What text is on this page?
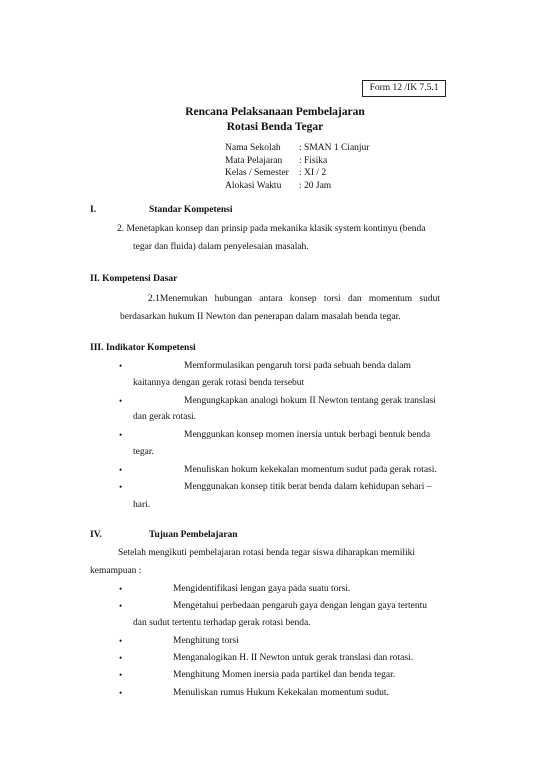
Form 12 /IK 7.5.1
Rencana Pelaksanaan Pembelajaran
Rotasi Benda Tegar
Nama Sekolah	: SMAN 1 Cianjur
Mata Pelajaran	: Fisika
Kelas / Semester	: XI / 2
Alokasi Waktu	: 20 Jam
I.	Standar Kompetensi
2. Menetapkan konsep dan prinsip pada mekanika klasik system kontinyu (benda
tegar dan fluida) dalam penyelesaian masalah.
II. Kompetensi Dasar
2.1Menemukan hubungan antara konsep torsi dan momentum sudut
berdasarkan hukum II Newton dan penerapan dalam masalah benda tegar.
III. Indikator Kompetensi
•	Memformulasikan pengaruh torsi pada sebuah benda dalam
kaitannya dengan gerak rotasi benda tersebut
•	Mengungkapkan analogi hokum II Newton tentang gerak translasi
dan gerak rotasi.
•	Menggunkan konsep momen inersia untuk berbagi bentuk benda
tegar.
•	Menuliskan hokum kekekalan momentum sudut pada gerak rotasi.
•	Menggunakan konsep titik berat benda dalam kehidupan sehari –
hari.
IV.	Tujuan Pembelajaran
Setelah mengikuti pembelajaran rotasi benda tegar siswa diharapkan memiliki
kemampuan :
•	Mengidentifikasi lengan gaya pada suatu torsi.
•	Mengetahui perbedaan pengaruh gaya dengan lengan gaya tertentu
dan sudut tertentu terhadap gerak rotasi benda.
•	Menghitung torsi
•	Menganalogikan H. II Newton untuk gerak translasi dan rotasi.
•	Menghitung Momen inersia pada partikel dan benda tegar.
•	Menuliskan rumus Hukum Kekekalan momentum sudut.
